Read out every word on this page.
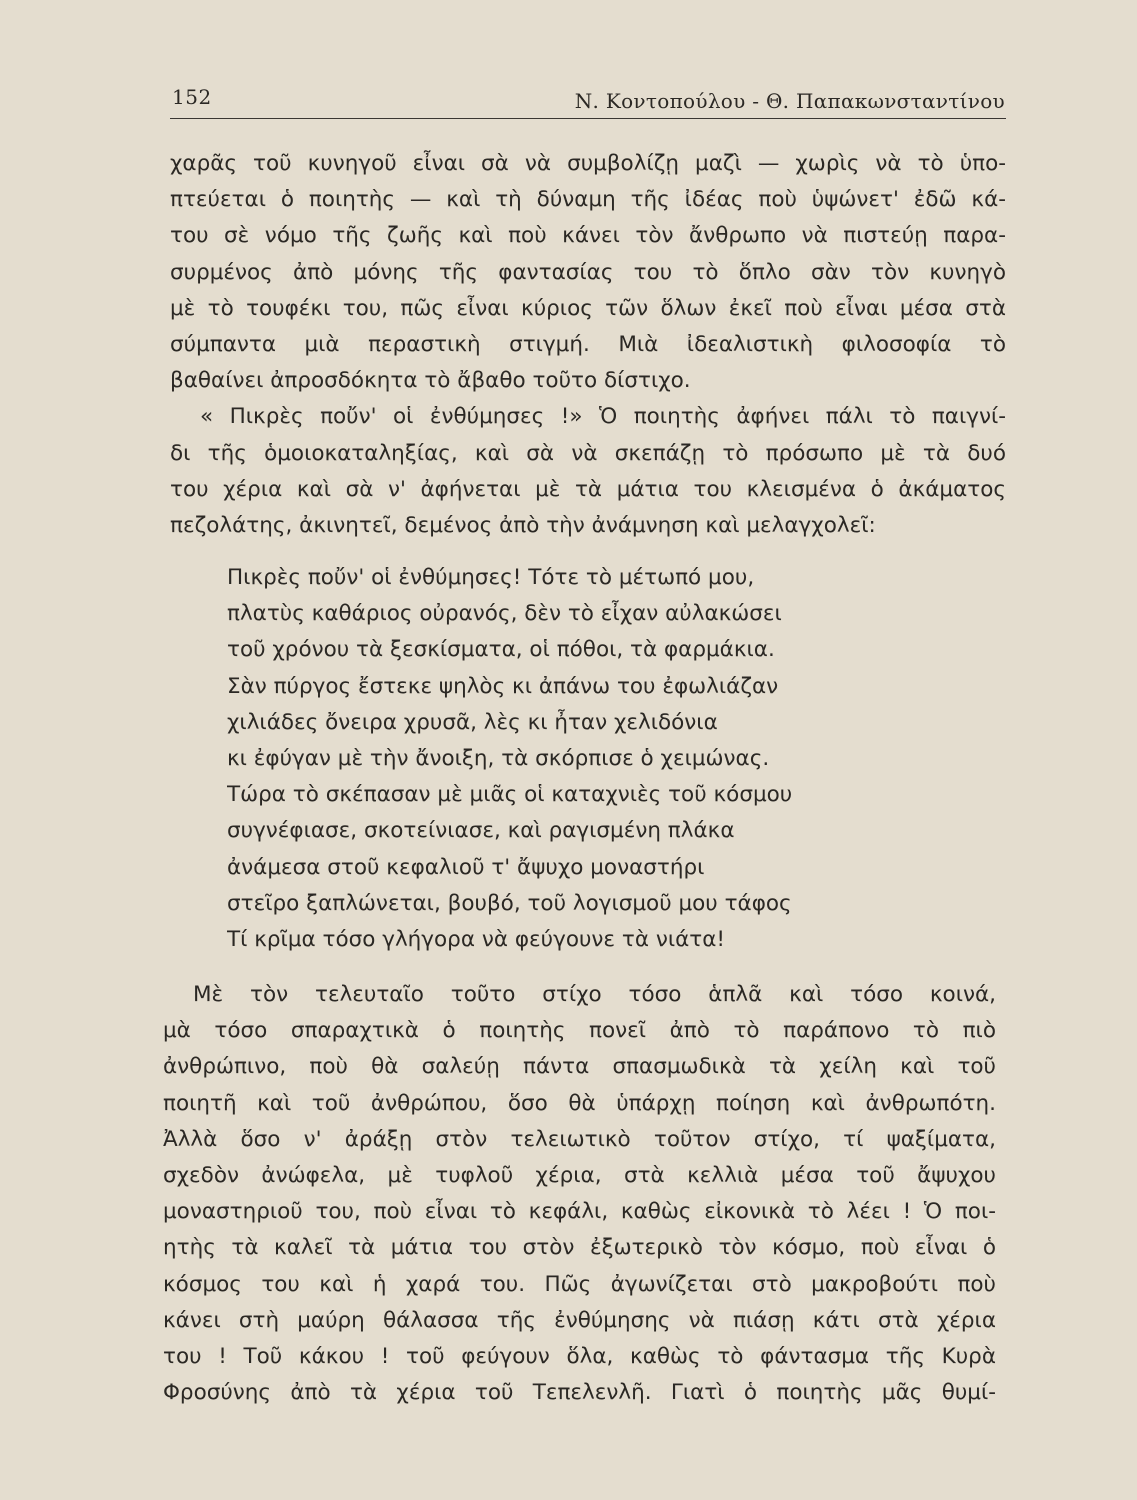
152	Ν. Κοντοπούλου - Θ. Παπακωνσταντίνου
χαρᾶς τοῦ κυνηγοῦ εἶναι σὰ νὰ συμβολίζῃ μαζὶ — χωρὶς νὰ τὸ ὑπο-
πτεύεται ὁ ποιητὴς — καὶ τὴ δύναμη τῆς ἰδέας ποὺ ὑψώνετ' ἐδῶ κά-
του σὲ νόμο τῆς ζωῆς καὶ ποὺ κάνει τὸν ἄνθρωπο νὰ πιστεύῃ παρα-
συρμένος ἀπὸ μόνης τῆς φαντασίας του τὸ ὅπλο σὰν τὸν κυνηγὸ
μὲ τὸ τουφέκι του, πῶς εἶναι κύριος τῶν ὅλων ἐκεῖ ποὺ εἶναι μέσα στὰ
σύμπαντα μιὰ περαστικὴ στιγμή. Μιὰ ἰδεαλιστικὴ φιλοσοφία τὸ
βαθαίνει ἀπροσδόκητα τὸ ἄβαθο τοῦτο δίστιχο.
« Πικρὲς ποὔν' οἱ ἐνθύμησες !» Ὁ ποιητὴς ἀφήνει πάλι τὸ παιγνί-
δι τῆς ὁμοιοκαταληξίας, καὶ σὰ νὰ σκεπάζῃ τὸ πρόσωπο μὲ τὰ δυό
του χέρια καὶ σὰ ν' ἀφήνεται μὲ τὰ μάτια του κλεισμένα ὁ ἀκάματος
πεζολάτης, ἀκινητεῖ, δεμένος ἀπὸ τὴν ἀνάμνηση καὶ μελαγχολεῖ:
Πικρὲς ποὔν' οἱ ἐνθύμησες! Τότε τὸ μέτωπό μου,
πλατὺς καθάριος οὐρανός, δὲν τὸ εἶχαν αὐλακώσει
τοῦ χρόνου τὰ ξεσκίσματα, οἱ πόθοι, τὰ φαρμάκια.
Σὰν πύργος ἔστεκε ψηλὸς κι ἀπάνω του ἐφωλιάζαν
χιλιάδες ὄνειρα χρυσᾶ, λὲς κι ἦταν χελιδόνια
κι ἐφύγαν μὲ τὴν ἄνοιξη, τὰ σκόρπισε ὁ χειμώνας.
Τώρα τὸ σκέπασαν μὲ μιᾶς οἱ καταχνιὲς τοῦ κόσμου
συγνέφιασε, σκοτείνιασε, καὶ ραγισμένη πλάκα
ἀνάμεσα στοῦ κεφαλιοῦ τ' ἄψυχο μοναστήρι
στεῖρο ξαπλώνεται, βουβό, τοῦ λογισμοῦ μου τάφος
Τί κρῖμα τόσο γλήγορα νὰ φεύγουνε τὰ νιάτα!
Μὲ τὸν τελευταῖο τοῦτο στίχο τόσο ἁπλᾶ καὶ τόσο κοινά,
μὰ τόσο σπαραχτικὰ ὁ ποιητὴς πονεῖ ἀπὸ τὸ παράπονο τὸ πιὸ
ἀνθρώπινο, ποὺ θὰ σαλεύῃ πάντα σπασμωδικὰ τὰ χείλη καὶ τοῦ
ποιητῆ καὶ τοῦ ἀνθρώπου, ὅσο θὰ ὑπάρχῃ ποίηση καὶ ἀνθρωπότη.
Ἀλλὰ ὅσο ν' ἀράξῃ στὸν τελειωτικὸ τοῦτον στίχο, τί ψαξίματα,
σχεδὸν ἀνώφελα, μὲ τυφλοῦ χέρια, στὰ κελλιὰ μέσα τοῦ ἄψυχου
μοναστηριοῦ του, ποὺ εἶναι τὸ κεφάλι, καθὼς εἰκονικὰ τὸ λέει ! Ὁ ποι-
ητὴς τὰ καλεῖ τὰ μάτια του στὸν ἐξωτερικὸ τὸν κόσμο, ποὺ εἶναι ὁ
κόσμος του καὶ ἡ χαρά του. Πῶς ἀγωνίζεται στὸ μακροβούτι ποὺ
κάνει στὴ μαύρη θάλασσα τῆς ἐνθύμησης νὰ πιάσῃ κάτι στὰ χέρια
του ! Τοῦ κάκου ! τοῦ φεύγουν ὅλα, καθὼς τὸ φάντασμα τῆς Κυρὰ
Φροσύνης ἀπὸ τὰ χέρια τοῦ Τεπελενλῆ. Γιατὶ ὁ ποιητὴς μᾶς θυμί-
